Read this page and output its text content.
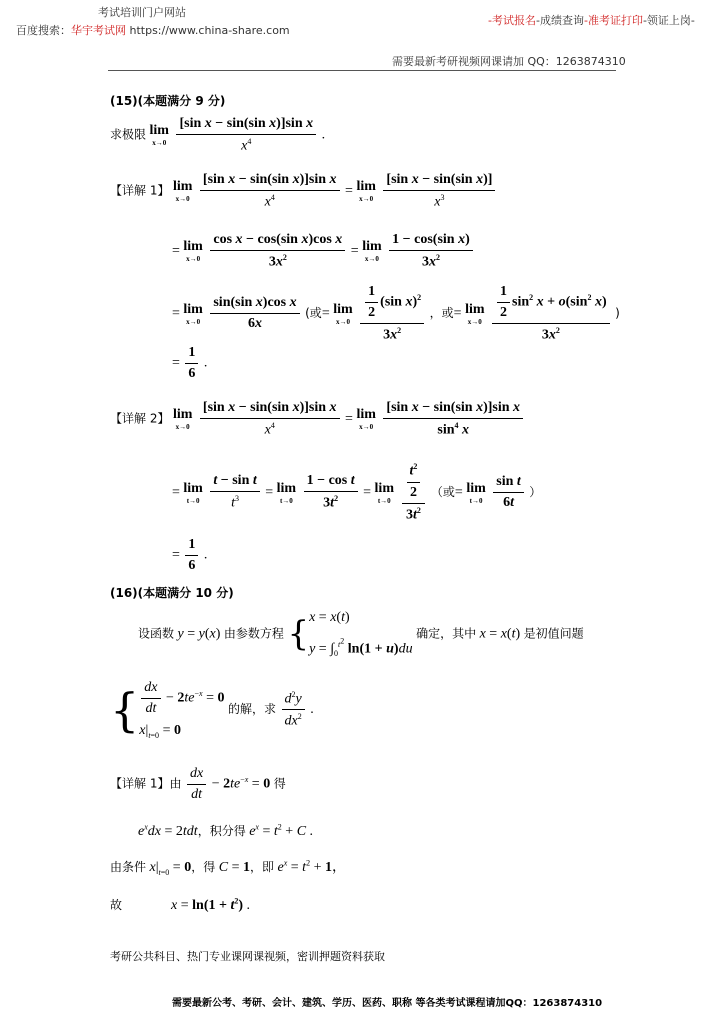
考试培训门户网站
百度搜索：华宇考试网 https://www.china-share.com
-考试报名-成绩查询-准考证打印-领证上岗-
需要最新考研视频网课请加 QQ：1263874310
(15)(本题满分 9 分)
求极限 lim
x→0
$\frac{\text{[sin x − sin(sin x)]sin x}}{x^4}$ .
【详解 1】 lim
x→0
$\frac{\text{[sin x − sin(sin x)]sin x}}{x^4} = \lim$
x→0
$\frac{\text{[sin x − sin(sin x)]}}{x^3}$
= lim
x→0
$\frac{\text{cos x − cos(sin x)cos x}}{3x^2} = \lim$
x→0
$\frac{\text{1 − cos(sin x)}}{3x^2}$
= lim
x→0
$\frac{\text{sin(sin x)cos x}}{6x}$ (或= lim
x→0
$\frac{\frac{1}{2} (\sin x)^2}{3x^2}$ ，或= lim
x→0
$\frac{\frac{1}{2} \sin^2 x + o(\sin^2 x)}{3x^2}$ )
= $\frac{1}{6}$ .
【详解 2】 lim
x→0
$\frac{\text{[sin x − sin(sin x)]sin x}}{x^4} = \lim$
x→0
$\frac{\text{[sin x − sin(sin x)]sin x}}{\sin^4 x}$
= lim
t→0
$\frac{\text{t − sin t}}{t^3} = \lim$
t→0
$\frac{\text{1 − cos t}}{3t^2} = \lim$
t→0
$\frac{\frac{t^2}{2}}{3t^2}$ （或= lim
t→0
$\frac{\text{sin t}}{6t}$ ）
= $\frac{1}{6}$ .
(16)(本题满分 10 分)
设函数 y = y(x) 由参数方程 { x = x(t)
$y = \int_0^{t^2}$ ln(1 + u)du
确定，其中 x = x(t) 是初值问题
{ $\frac{dx}{dt} - 2te^{-x} = 0$
$x|_{t=0} = 0$
的解，求 $\frac{d^2y}{dx^2}$ .
【详解 1】由 $\frac{dx}{dt} - 2te^{-x} = 0$ 得
$e^xdx = 2tdt$，积分得 $e^x = t^2 + C$ .
由条件 $x|_{t=0} = 0$，得 C = 1，即 $e^x = t^2 + 1$，
故	$x = \ln(1 + t^2)$ .
考研公共科目、热门专业课网课视频，密训押题资料获取
需要最新公考、考研、会计、建筑、学历、医药、职称 等各类考试课程请加QQ：1263874310
